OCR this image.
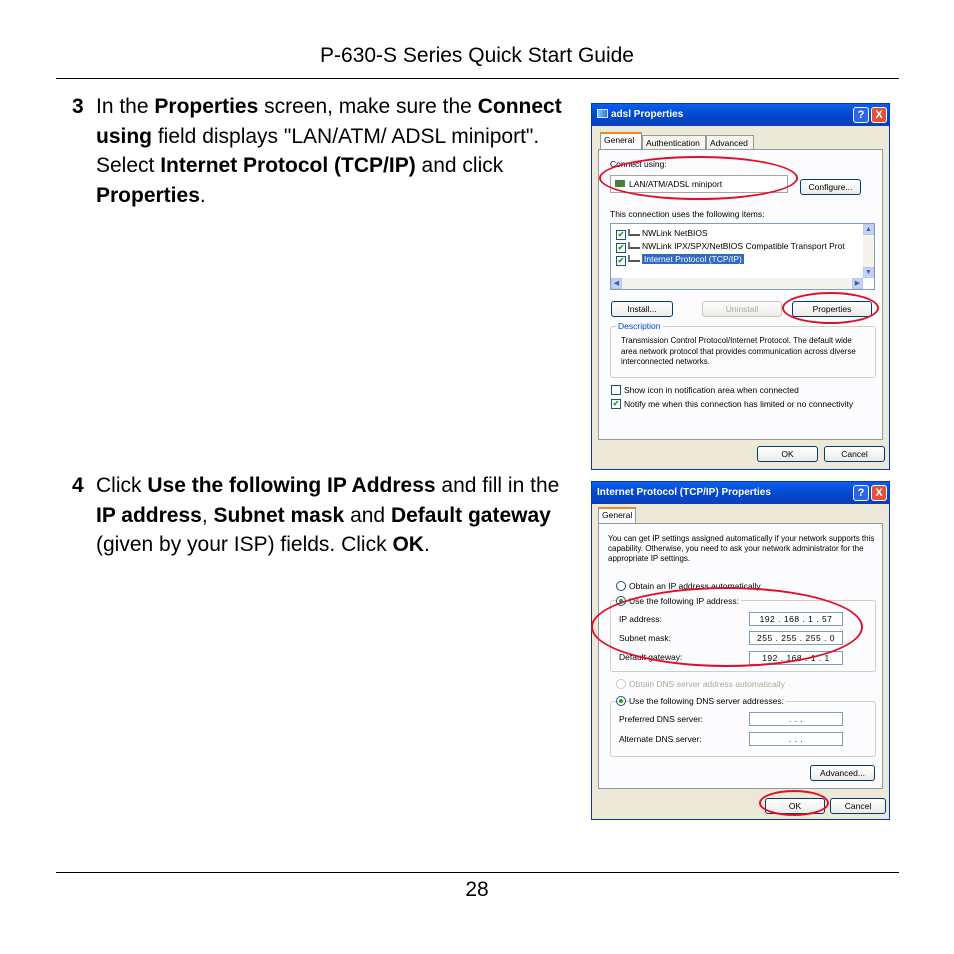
P-630-S Series Quick Start Guide
3 In the Properties screen, make sure the Connect using field displays "LAN/ATM/ ADSL miniport". Select Internet Protocol (TCP/IP) and click Properties.
4 Click Use the following IP Address and fill in the IP address, Subnet mask and Default gateway (given by your ISP) fields. Click OK.
adsl Properties	? X
General	Authentication	Advanced
Connect using:
LAN/ATM/ADSL miniport	Configure...
This connection uses the following items:
✔ NWLink NetBIOS
✔ NWLink IPX/SPX/NetBIOS Compatible Transport Prot
✔ Internet Protocol (TCP/IP)
▲
▼
◀	▶
Install...	Uninstall	Properties
Description
Transmission Control Protocol/Internet Protocol. The default wide area network protocol that provides communication across diverse interconnected networks.
Show icon in notification area when connected
✔ Notify me when this connection has limited or no connectivity
OK	Cancel
Internet Protocol (TCP/IP) Properties	? X
General
You can get IP settings assigned automatically if your network supports this capability. Otherwise, you need to ask your network administrator for the appropriate IP settings.
Obtain an IP address automatically
Use the following IP address:
IP address:	192 . 168 . 1 . 57
Subnet mask:	255 . 255 . 255 . 0
Default gateway:	192 . 168 . 1 . 1
Obtain DNS server address automatically
Use the following DNS server addresses:
Preferred DNS server:	. . .
Alternate DNS server:	. . .
Advanced...
OK	Cancel
28
